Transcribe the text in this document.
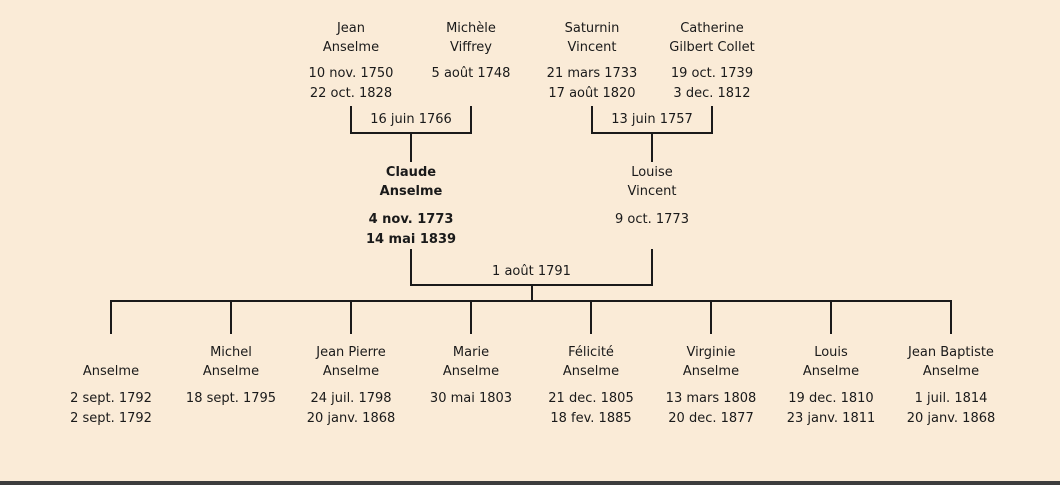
16 juin 1766	13 juin 1757
1 août 1791
Jean
Anselme
10 nov. 1750
22 oct. 1828
Michèle
Viffrey
5 août 1748
Saturnin
Vincent
21 mars 1733
17 août 1820
Catherine
Gilbert Collet
19 oct. 1739
3 dec. 1812
Claude
Anselme
4 nov. 1773
14 mai 1839
Louise
Vincent
9 oct. 1773
Anselme
2 sept. 1792
2 sept. 1792
Michel
Anselme
18 sept. 1795
Jean Pierre
Anselme
24 juil. 1798
20 janv. 1868
Marie
Anselme
30 mai 1803
Félicité
Anselme
21 dec. 1805
18 fev. 1885
Virginie
Anselme
13 mars 1808
20 dec. 1877
Louis
Anselme
19 dec. 1810
23 janv. 1811
Jean Baptiste
Anselme
1 juil. 1814
20 janv. 1868
